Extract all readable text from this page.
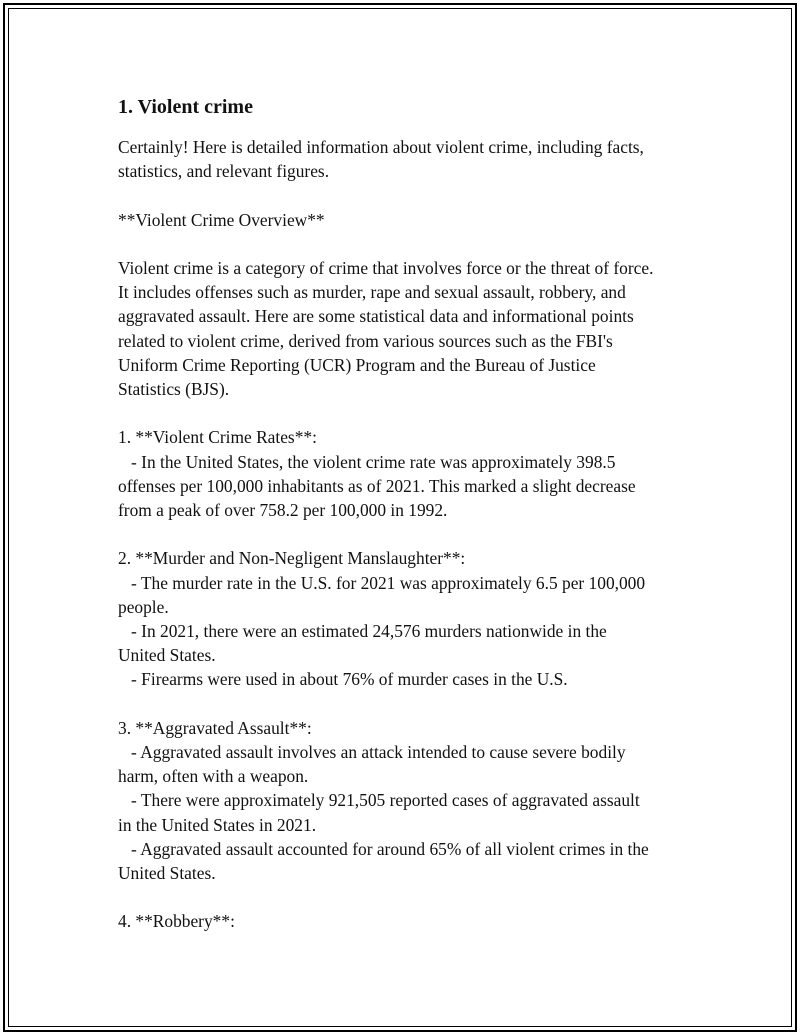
1. Violent crime

Certainly! Here is detailed information about violent crime, including facts,
statistics, and relevant figures.

**Violent Crime Overview**

Violent crime is a category of crime that involves force or the threat of force.
It includes offenses such as murder, rape and sexual assault, robbery, and
aggravated assault. Here are some statistical data and informational points
related to violent crime, derived from various sources such as the FBI's
Uniform Crime Reporting (UCR) Program and the Bureau of Justice
Statistics (BJS).

1. **Violent Crime Rates**:
- In the United States, the violent crime rate was approximately 398.5
offenses per 100,000 inhabitants as of 2021. This marked a slight decrease
from a peak of over 758.2 per 100,000 in 1992.

2. **Murder and Non-Negligent Manslaughter**:
- The murder rate in the U.S. for 2021 was approximately 6.5 per 100,000
people.
- In 2021, there were an estimated 24,576 murders nationwide in the
United States.
- Firearms were used in about 76% of murder cases in the U.S.

3. **Aggravated Assault**:
- Aggravated assault involves an attack intended to cause severe bodily
harm, often with a weapon.
- There were approximately 921,505 reported cases of aggravated assault
in the United States in 2021.
- Aggravated assault accounted for around 65% of all violent crimes in the
United States.

4. **Robbery**:
